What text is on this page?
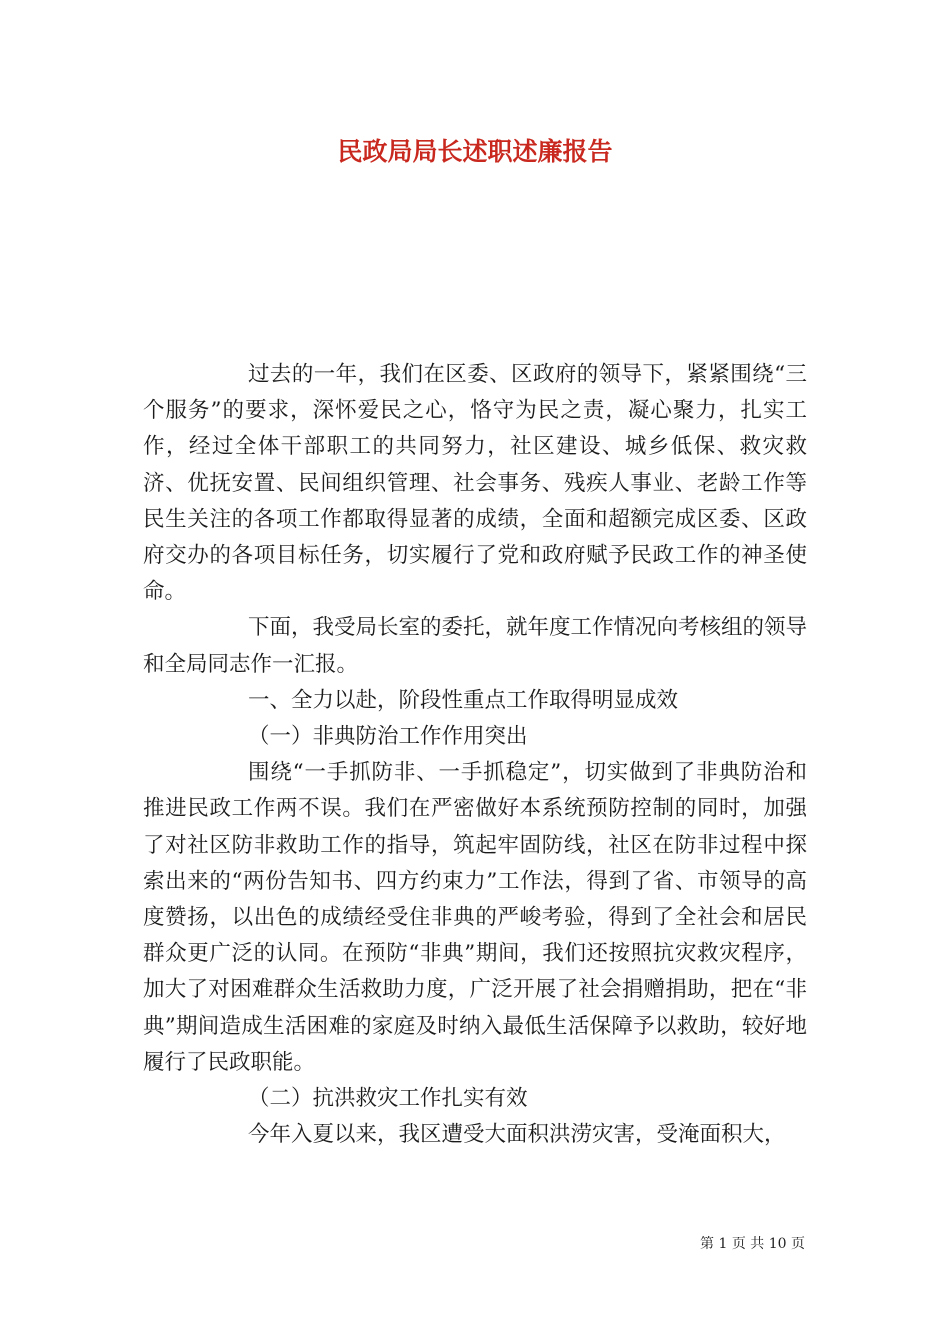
民政局局长述职述廉报告

过去的一年，我们在区委、区政府的领导下，紧紧围绕“三个服务”的要求，深怀爱民之心，恪守为民之责，凝心聚力，扎实工作，经过全体干部职工的共同努力，社区建设、城乡低保、救灾救济、优抚安置、民间组织管理、社会事务、残疾人事业、老龄工作等民生关注的各项工作都取得显著的成绩，全面和超额完成区委、区政府交办的各项目标任务，切实履行了党和政府赋予民政工作的神圣使命。

下面，我受局长室的委托，就年度工作情况向考核组的领导和全局同志作一汇报。

一、全力以赴，阶段性重点工作取得明显成效

（一）非典防治工作作用突出

围绕“一手抓防非、一手抓稳定”，切实做到了非典防治和推进民政工作两不误。我们在严密做好本系统预防控制的同时，加强了对社区防非救助工作的指导，筑起牢固防线，社区在防非过程中探索出来的“两份告知书、四方约束力”工作法，得到了省、市领导的高度赞扬，以出色的成绩经受住非典的严峻考验，得到了全社会和居民群众更广泛的认同。在预防“非典”期间，我们还按照抗灾救灾程序，加大了对困难群众生活救助力度，广泛开展了社会捐赠捐助，把在“非典”期间造成生活困难的家庭及时纳入最低生活保障予以救助，较好地履行了民政职能。

（二）抗洪救灾工作扎实有效

今年入夏以来，我区遭受大面积洪涝灾害，受淹面积大，

第 1 页 共 10 页
